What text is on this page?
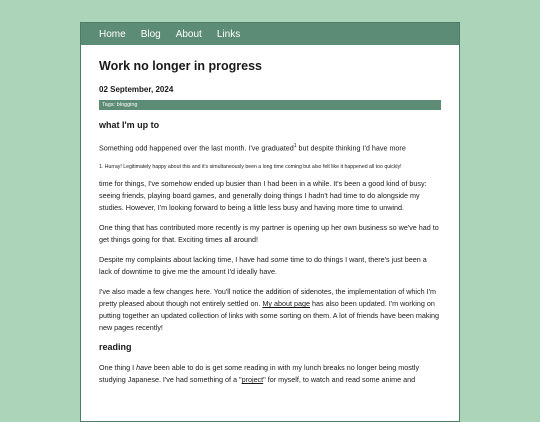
Home Blog About Links
Work no longer in progress
02 September, 2024
Tags: blogging
what I'm up to

Something odd happened over the last month. I've graduated$^1$ but despite thinking I'd have more

1. Hurray! Legitimately happy about this and it's simultaneously been a long time coming but also felt like it happened all too quickly!

time for things, I've somehow ended up busier than I had been in a while. It's been a good kind of busy: seeing friends, playing board games, and generally doing things I hadn't had time to do alongside my studies. However, I'm looking forward to being a little less busy and having more time to unwind.

One thing that has contributed more recently is my partner is opening up her own business so we've had to get things going for that. Exciting times all around!

Despite my complaints about lacking time, I have had some time to do things I want, there's just been a lack of downtime to give me the amount I'd ideally have.

I've also made a few changes here. You'll notice the addition of sidenotes, the implementation of which I'm pretty pleased about though not entirely settled on. My about page has also been updated. I'm working on putting together an updated collection of links with some sorting on them. A lot of friends have been making new pages recently!

reading

One thing I have been able to do is get some reading in with my lunch breaks no longer being mostly studying Japanese. I've had something of a "project" for myself, to watch and read some anime and
